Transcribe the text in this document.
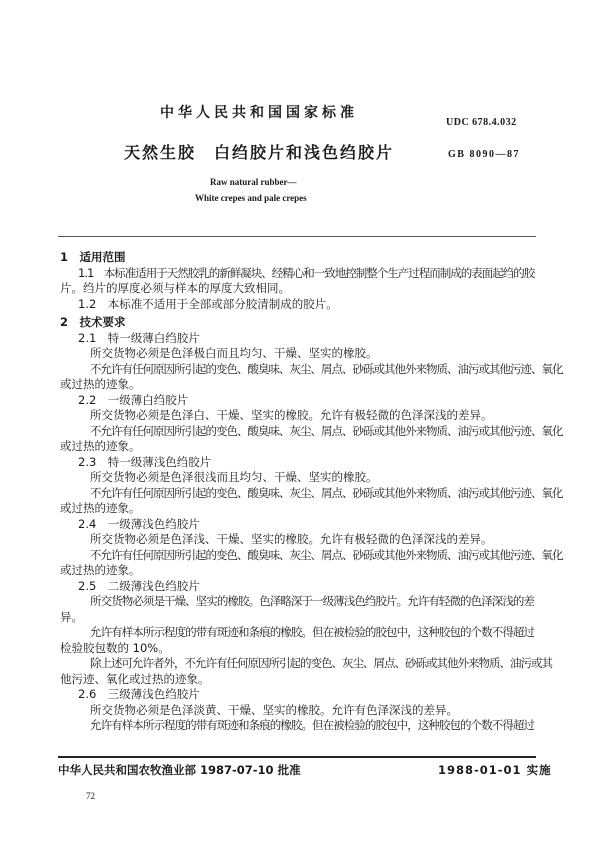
中华人民共和国国家标准
UDC 678.4.032
天然生胶　白绉胶片和浅色绉胶片	GB 8090—87
Raw natural rubber—
White crepes and pale crepes
1　适用范围
1.1　本标准适用于天然胶乳的新鲜凝块、经精心和一致地控制整个生产过程而制成的表面起绉的胶
片。绉片的厚度必须与样本的厚度大致相同。
1.2　本标准不适用于全部或部分胶清制成的胶片。
2　技术要求
2.1　特一级薄白绉胶片
所交货物必须是色泽极白而且均匀、干燥、坚实的橡胶。
不允许有任何原因所引起的变色、酸臭味、灰尘、屑点、砂砾或其他外来物质、油污或其他污迹、氧化
或过热的迹象。
2.2　一级薄白绉胶片
所交货物必须是色泽白、干燥、坚实的橡胶。允许有极轻微的色泽深浅的差异。
不允许有任何原因所引起的变色、酸臭味、灰尘、屑点、砂砾或其他外来物质、油污或其他污迹、氧化
或过热的迹象。
2.3　特一级薄浅色绉胶片
所交货物必须是色泽很浅而且均匀、干燥、坚实的橡胶。
不允许有任何原因所引起的变色、酸臭味、灰尘、屑点、砂砾或其他外来物质、油污或其他污迹、氧化
或过热的迹象。
2.4　一级薄浅色绉胶片
所交货物必须是色泽浅、干燥、坚实的橡胶。允许有极轻微的色泽深浅的差异。
不允许有任何原因所引起的变色、酸臭味、灰尘、屑点、砂砾或其他外来物质、油污或其他污迹、氧化
或过热的迹象。
2.5　二级薄浅色绉胶片
所交货物必须是干燥、坚实的橡胶。色泽略深于一级薄浅色绉胶片。允许有轻微的色泽深浅的差
异。
允许有样本所示程度的带有斑迹和条痕的橡胶。但在被检验的胶包中，这种胶包的个数不得超过
检验胶包数的 10%。
除上述可允许者外，不允许有任何原因所引起的变色、灰尘、屑点、砂砾或其他外来物质、油污或其
他污迹、氧化或过热的迹象。
2.6　三级薄浅色绉胶片
所交货物必须是色泽淡黄、干燥、坚实的橡胶。允许有色泽深浅的差异。
允许有样本所示程度的带有斑迹和条痕的橡胶。但在被检验的胶包中，这种胶包的个数不得超过
中华人民共和国农牧渔业部 1987-07-10 批准	1988-01-01 实施
72
